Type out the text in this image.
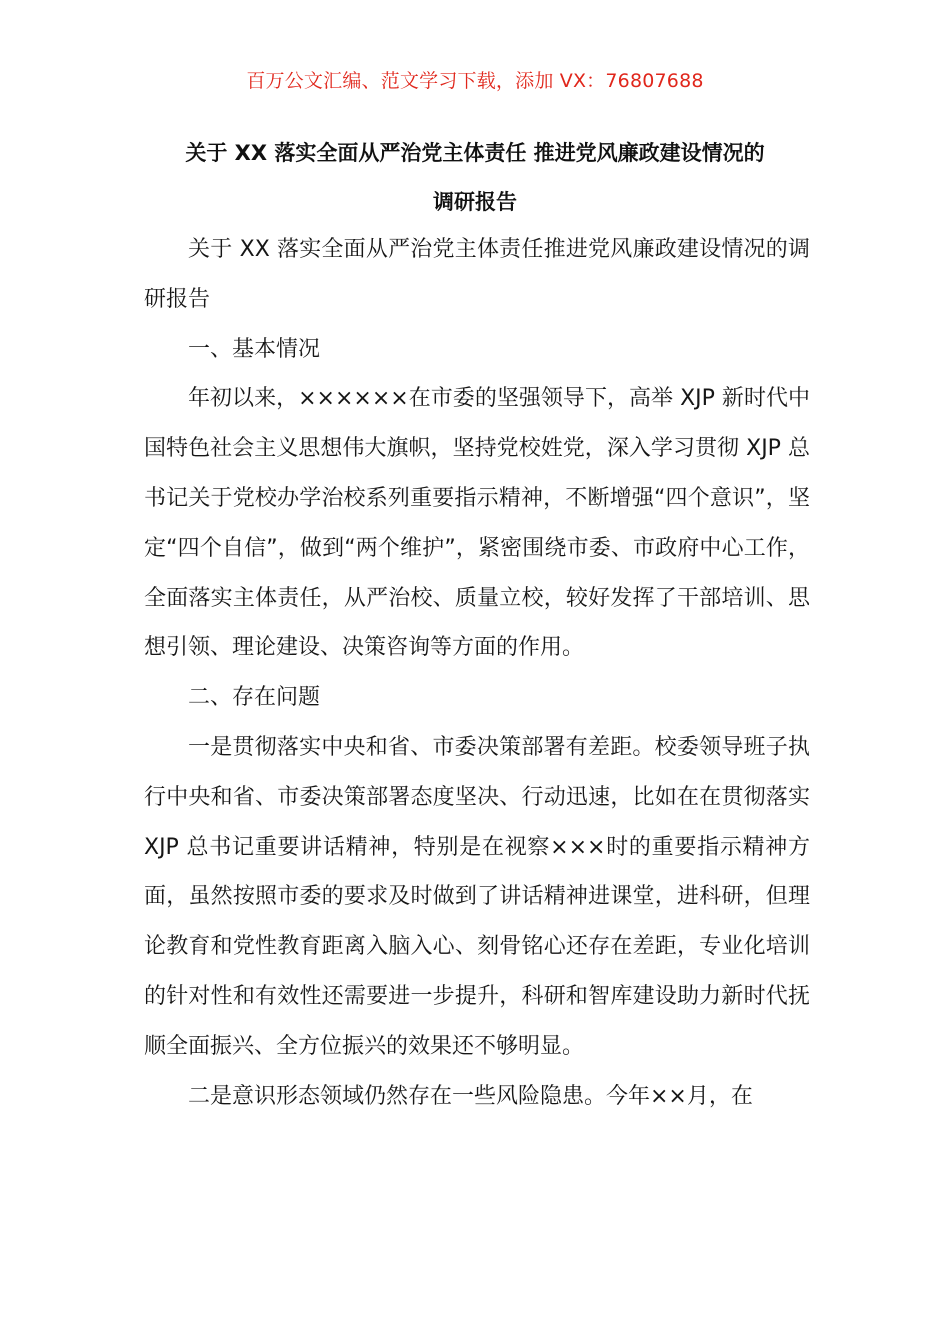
百万公文汇编、范文学习下载，添加 VX：76807688
关于 XX 落实全面从严治党主体责任 推进党风廉政建设情况的
调研报告

关于 XX 落实全面从严治党主体责任推进党风廉政建设情况的调研报告

一、基本情况

年初以来，××××××在市委的坚强领导下，高举 XJP 新时代中国特色社会主义思想伟大旗帜，坚持党校姓党，深入学习贯彻 XJP 总书记关于党校办学治校系列重要指示精神，不断增强“四个意识”，坚定“四个自信”，做到“两个维护”，紧密围绕市委、市政府中心工作，全面落实主体责任，从严治校、质量立校，较好发挥了干部培训、思想引领、理论建设、决策咨询等方面的作用。

二、存在问题

一是贯彻落实中央和省、市委决策部署有差距。校委领导班子执行中央和省、市委决策部署态度坚决、行动迅速，比如在在贯彻落实 XJP 总书记重要讲话精神，特别是在视察×××时的重要指示精神方面，虽然按照市委的要求及时做到了讲话精神进课堂，进科研，但理论教育和党性教育距离入脑入心、刻骨铭心还存在差距，专业化培训的针对性和有效性还需要进一步提升，科研和智库建设助力新时代抚顺全面振兴、全方位振兴的效果还不够明显。

二是意识形态领域仍然存在一些风险隐患。今年××月，在
